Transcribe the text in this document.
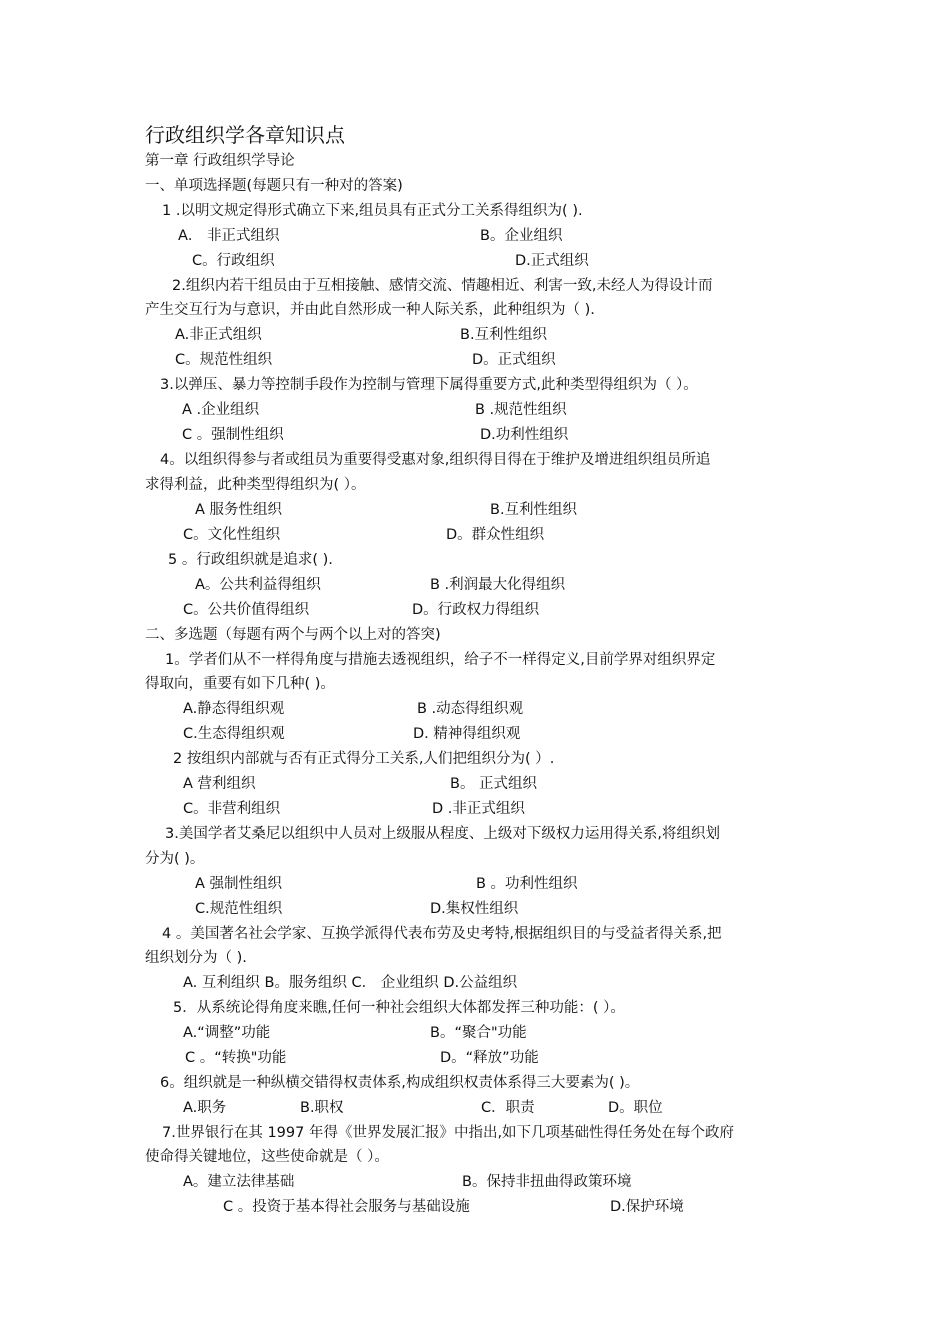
行政组织学各章知识点
第一章 行政组织学导论
一、单项选择题(每题只有一种对的答案)
1 .以明文规定得形式确立下来,组员具有正式分工关系得组织为( ).
A． 非正式组织	B。企业组织
C。行政组织	D.正式组织
2.组织内若干组员由于互相接触、感情交流、情趣相近、利害一致,未经人为得设计而
产生交互行为与意识，并由此自然形成一种人际关系，此种组织为（ ).
A.非正式组织	B.互利性组织
C。规范性组织	D。正式组织
3.以弹压、暴力等控制手段作为控制与管理下属得重要方式,此种类型得组织为（ ）。
A .企业组织	B .规范性组织
C 。强制性组织	D.功利性组织
4。以组织得参与者或组员为重要得受惠对象,组织得目得在于维护及增进组织组员所追
求得利益，此种类型得组织为( ）。
A 服务性组织	B.互利性组织
C。文化性组织	D。群众性组织
5 。行政组织就是追求( ).
A。公共利益得组织	B .利润最大化得组织
C。公共价值得组织	D。行政权力得组织
二、多选题（每题有两个与两个以上对的答突)
1。学者们从不一样得角度与措施去透视组织，给子不一样得定义,目前学界对组织界定
得取向，重要有如下几种( )。
A.静态得组织观	B .动态得组织观
C.生态得组织观	D. 精神得组织观
2 按组织内部就与否有正式得分工关系,人们把组织分为( ）.
A 营利组织	B。 正式组织
C。非营利组织	D .非正式组织
3.美国学者艾桑尼以组织中人员对上级服从程度、上级对下级权力运用得关系,将组织划
分为( )。
A 强制性组织	B 。功利性组织
C.规范性组织	D.集权性组织
4 。美国著名社会学家、互换学派得代表布劳及史考特,根据组织目的与受益者得关系,把
组织划分为（ ).
A. 互利组织 B。服务组织 C． 企业组织 D.公益组织
5．从系统论得角度来瞧,任何一种社会组织大体都发挥三种功能：( ）。
A.“调整”功能	B。“聚合"功能
C 。“转换"功能	D。“释放”功能
6。组织就是一种纵横交错得权责体系,构成组织权责体系得三大要素为( )。
A.职务	B.职权	C．职责	D。职位
7.世界银行在其 1997 年得《世界发展汇报》中指出,如下几项基础性得任务处在每个政府
使命得关键地位，这些使命就是（ ）。
A。建立法律基础	B。保持非扭曲得政策环境
C 。投资于基本得社会服务与基础设施	D.保护环境
